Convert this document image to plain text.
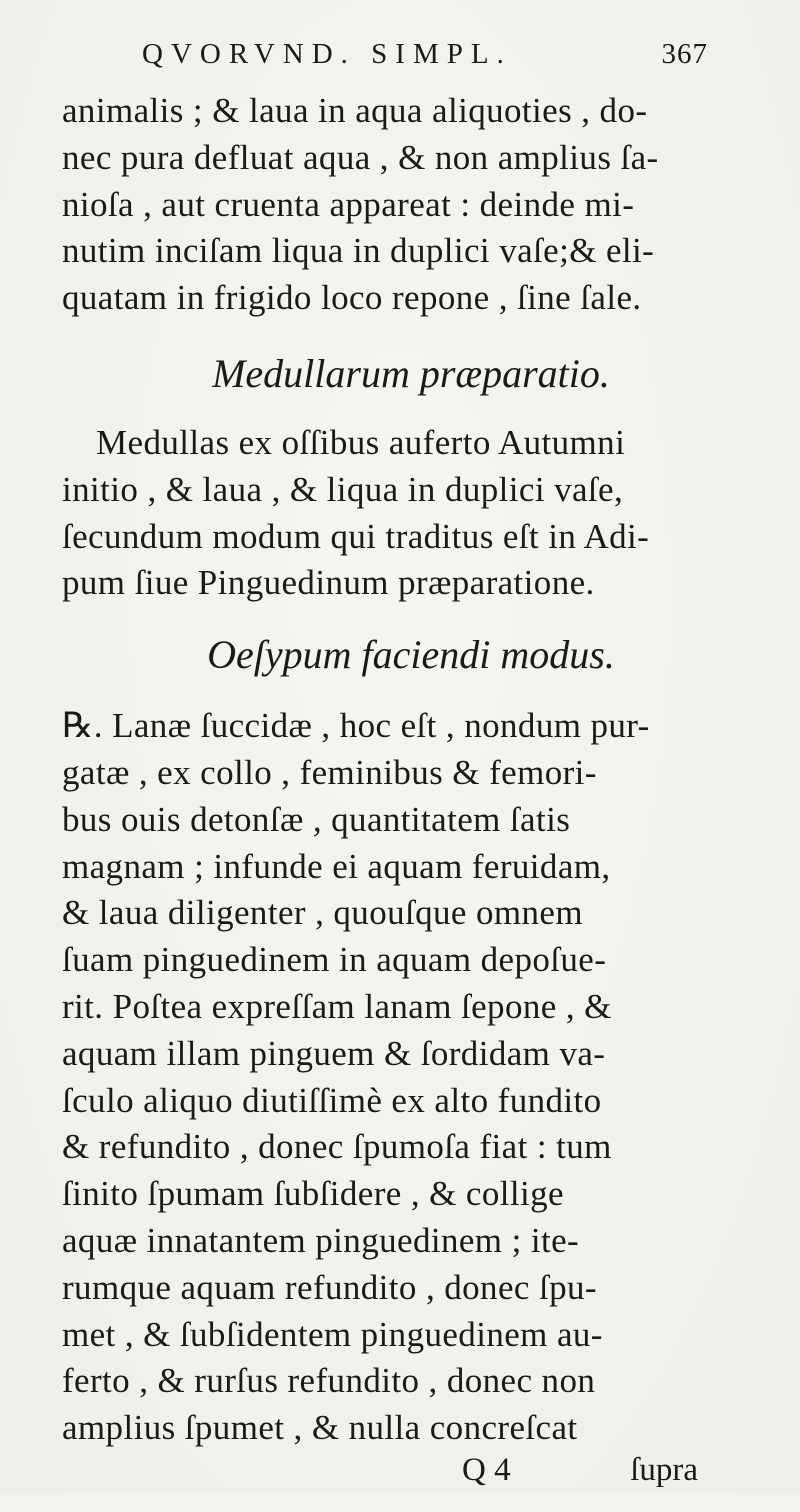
QVORVND. SIMPL.	367
animalis ; & laua in aqua aliquoties , do-
nec pura defluat aqua , & non amplius ſa-
nioſa , aut cruenta appareat : deinde mi-
nutim inciſam liqua in duplici vaſe;& eli-
quatam in frigido loco repone , ſine ſale.
Medullarum præparatio.
Medullas ex oſſibus auferto Autumni
initio , & laua , & liqua in duplici vaſe,
ſecundum modum qui traditus eſt in Adi-
pum ſiue Pinguedinum præparatione.
Oeſypum faciendi modus.
℞. Lanæ ſuccidæ , hoc eſt , nondum pur-
gatæ , ex collo , feminibus & femori-
bus ouis detonſæ , quantitatem ſatis
magnam ; infunde ei aquam feruidam,
& laua diligenter , quouſque omnem
ſuam pinguedinem in aquam depoſue-
rit. Poſtea expreſſam lanam ſepone , &
aquam illam pinguem & ſordidam va-
ſculo aliquo diutiſſimè ex alto fundito
& refundito , donec ſpumoſa fiat : tum
ſinito ſpumam ſubſidere , & collige
aquæ innatantem pinguedinem ; ite-
rumque aquam refundito , donec ſpu-
met , & ſubſidentem pinguedinem au-
ferto , & rurſus refundito , donec non
amplius ſpumet , & nulla concreſcat
Q 4	ſupra
